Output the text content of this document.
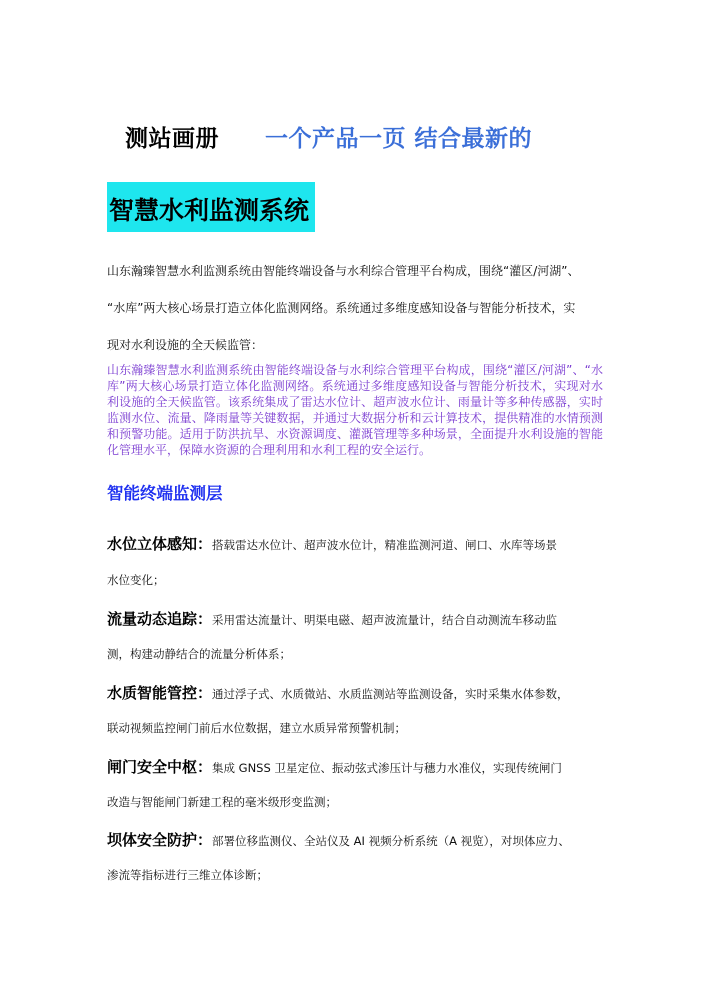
测站画册 一个产品一页 结合最新的
智慧水利监测系统
山东瀚臻智慧水利监测系统由智能终端设备与水利综合管理平台构成，围绕“灌区/河湖”、
“水库”两大核心场景打造立体化监测网络。系统通过多维度感知设备与智能分析技术，实
现对水利设施的全天候监管：
山东瀚臻智慧水利监测系统由智能终端设备与水利综合管理平台构成，围绕“灌区/河湖”、“水库”两大核心场景打造立体化监测网络。系统通过多维度感知设备与智能分析技术，实现对水利设施的全天候监管。该系统集成了雷达水位计、超声波水位计、雨量计等多种传感器，实时监测水位、流量、降雨量等关键数据，并通过大数据分析和云计算技术，提供精准的水情预测和预警功能。适用于防洪抗旱、水资源调度、灌溉管理等多种场景，全面提升水利设施的智能化管理水平，保障水资源的合理利用和水利工程的安全运行。
智能终端监测层
水位立体感知：搭载雷达水位计、超声波水位计，精准监测河道、闸口、水库等场景
水位变化；
流量动态追踪：采用雷达流量计、明渠电磁、超声波流量计，结合自动测流车移动监
测，构建动静结合的流量分析体系；
水质智能管控：通过浮子式、水质微站、水质监测站等监测设备，实时采集水体参数，
联动视频监控闸门前后水位数据，建立水质异常预警机制；
闸门安全中枢：集成 GNSS 卫星定位、振动弦式渗压计与穗力水准仪，实现传统闸门
改造与智能闸门新建工程的毫米级形变监测；
坝体安全防护：部署位移监测仪、全站仪及 AI 视频分析系统（A 视览），对坝体应力、
渗流等指标进行三维立体诊断；
